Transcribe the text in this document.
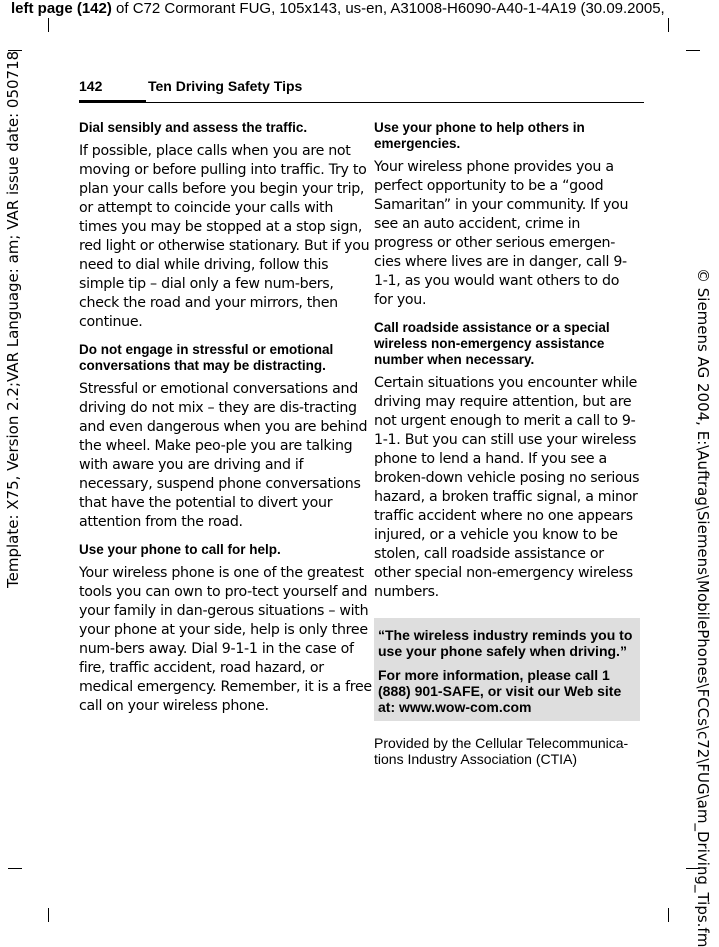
left page (142) of C72 Cormorant FUG, 105x143, us-en, A31008-H6090-A40-1-4A19 (30.09.2005,
Template: X75, Version 2.2;VAR Language: am; VAR issue date: 050718	© Siemens AG 2004, E:\Auftrag\Siemens\MobilePhones\FCCs\c72\FUG\am_Driving_Tips.fm
142	Ten Driving Safety Tips
Dial sensibly and assess the traffic.

If possible, place calls when you are not moving or before pulling into traffic. Try to plan your calls before you begin your trip, or attempt to coincide your calls with times you may be stopped at a stop sign, red light or otherwise stationary. But if you need to dial while driving, follow this simple tip – dial only a few num-bers, check the road and your mirrors, then continue.

Do not engage in stressful or emotional conversations that may be distracting.

Stressful or emotional conversations and driving do not mix – they are dis-tracting and even dangerous when you are behind the wheel. Make peo-ple you are talking with aware you are driving and if necessary, suspend phone conversations that have the potential to divert your attention from the road.

Use your phone to call for help.

Your wireless phone is one of the greatest tools you can own to pro-tect yourself and your family in dan-gerous situations – with your phone at your side, help is only three num-bers away. Dial 9-1-1 in the case of fire, traffic accident, road hazard, or medical emergency. Remember, it is a free call on your wireless phone.

Use your phone to help others in emergencies.

Your wireless phone provides you a perfect opportunity to be a “good Samaritan” in your community. If you see an auto accident, crime in progress or other serious emergen-cies where lives are in danger, call 9-1-1, as you would want others to do for you.

Call roadside assistance or a special wireless non-emergency assistance number when necessary.

Certain situations you encounter while driving may require attention, but are not urgent enough to merit a call to 9-1-1. But you can still use your wireless phone to lend a hand. If you see a broken-down vehicle posing no serious hazard, a broken traffic signal, a minor traffic accident where no one appears injured, or a vehicle you know to be stolen, call roadside assistance or other special non-emergency wireless numbers.

“The wireless industry reminds you to use your phone safely when driving.”

For more information, please call 1 (888) 901-SAFE, or visit our Web site at: www.wow-com.com

Provided by the Cellular Telecommunica-tions Industry Association (CTIA)
